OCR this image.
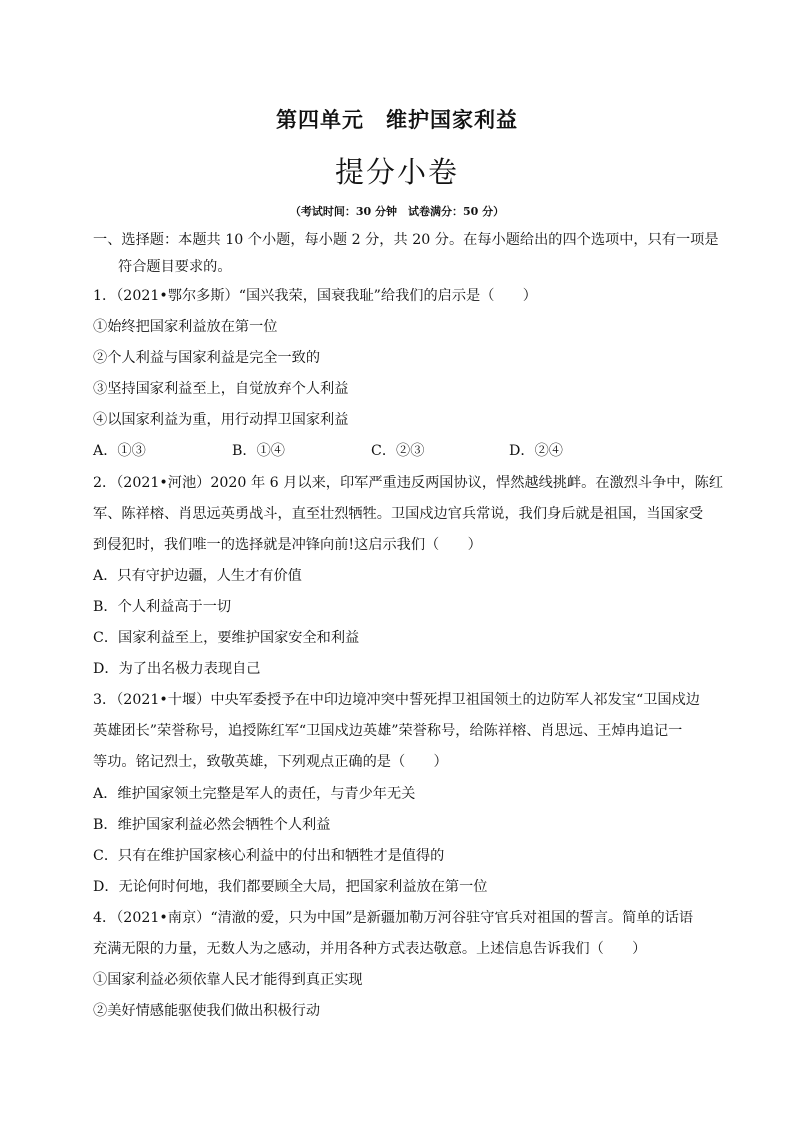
第四单元　维护国家利益
提分小卷
（考试时间：30 分钟　试卷满分：50 分）
一、选择题：本题共 10 个小题，每小题 2 分，共 20 分。在每小题给出的四个选项中，只有一项是
符合题目要求的。
1．（2021•鄂尔多斯）“国兴我荣，国衰我耻”给我们的启示是（　　）
①始终把国家利益放在第一位
②个人利益与国家利益是完全一致的
③坚持国家利益至上，自觉放弃个人利益
④以国家利益为重，用行动捍卫国家利益
A．①③	B．①④	C．②③	D．②④
2．（2021•河池）2020 年 6 月以来，印军严重违反两国协议，悍然越线挑衅。在激烈斗争中，陈红
军、陈祥榕、肖思远英勇战斗，直至壮烈牺牲。卫国戍边官兵常说，我们身后就是祖国，当国家受
到侵犯时，我们唯一的选择就是冲锋向前!这启示我们（　　）
A．只有守护边疆，人生才有价值
B．个人利益高于一切
C．国家利益至上，要维护国家安全和利益
D．为了出名极力表现自己
3．（2021•十堰）中央军委授予在中印边境冲突中誓死捍卫祖国领土的边防军人祁发宝“卫国戍边
英雄团长”荣誉称号，追授陈红军“卫国戍边英雄”荣誉称号，给陈祥榕、肖思远、王焯冉追记一
等功。铭记烈士，致敬英雄，下列观点正确的是（　　）
A．维护国家领土完整是军人的责任，与青少年无关
B．维护国家利益必然会牺牲个人利益
C．只有在维护国家核心利益中的付出和牺牲才是值得的
D．无论何时何地，我们都要顾全大局，把国家利益放在第一位
4．（2021•南京）“清澈的爱，只为中国”是新疆加勒万河谷驻守官兵对祖国的誓言。简单的话语
充满无限的力量，无数人为之感动，并用各种方式表达敬意。上述信息告诉我们（　　）
①国家利益必须依靠人民才能得到真正实现
②美好情感能驱使我们做出积极行动
